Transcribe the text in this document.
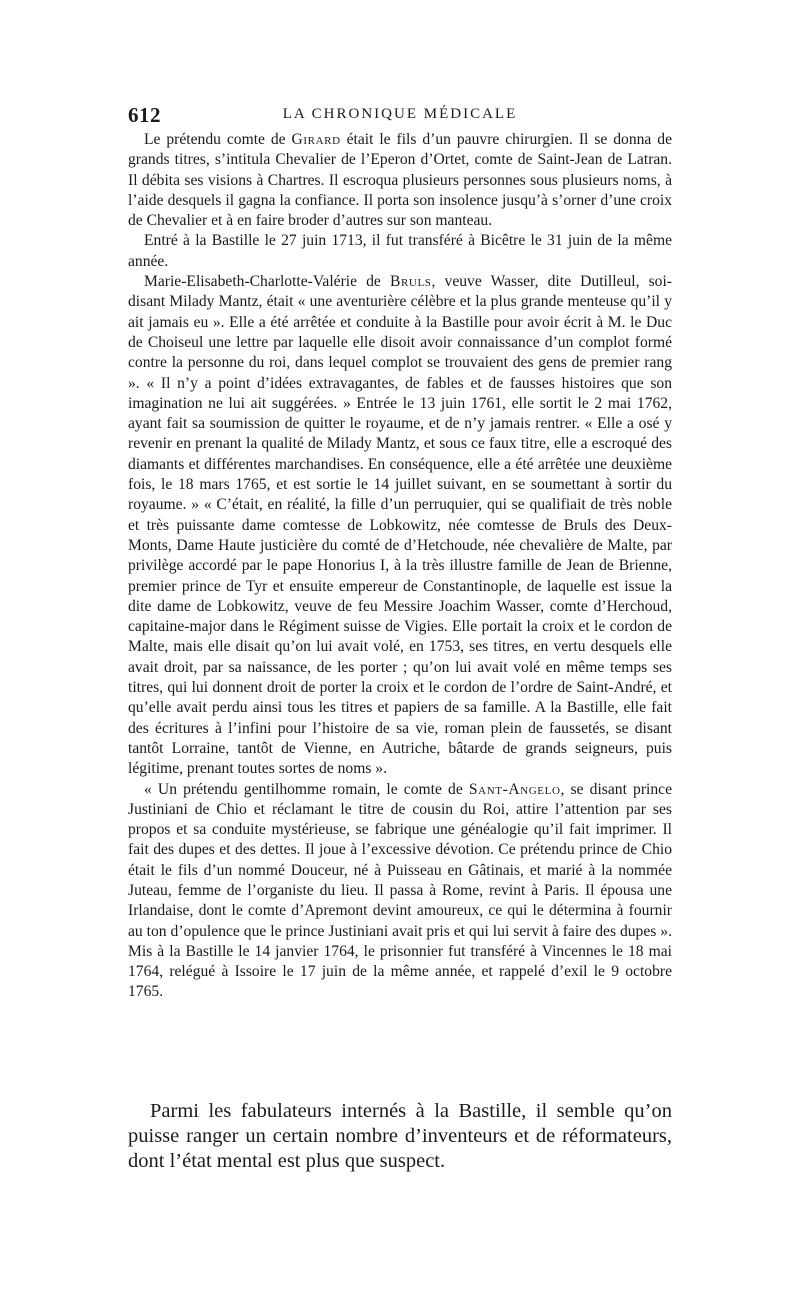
612	LA CHRONIQUE MÉDICALE

Le prétendu comte de Girard était le fils d’un pauvre chirurgien. Il se donna de grands titres, s’intitula Chevalier de l’Eperon d’Ortet, comte de Saint-Jean de Latran. Il débita ses visions à Chartres. Il escroqua plusieurs personnes sous plusieurs noms, à l’aide desquels il gagna la confiance. Il porta son insolence jusqu’à s’orner d’une croix de Chevalier et à en faire broder d’autres sur son manteau.

Entré à la Bastille le 27 juin 1713, il fut transféré à Bicêtre le 31 juin de la même année.

Marie-Elisabeth-Charlotte-Valérie de Bruls, veuve Wasser, dite Dutilleul, soi-disant Milady Mantz, était « une aventurière célèbre et la plus grande menteuse qu’il y ait jamais eu ». Elle a été arrêtée et conduite à la Bastille pour avoir écrit à M. le Duc de Choiseul une lettre par laquelle elle disoit avoir connaissance d’un complot formé contre la personne du roi, dans lequel complot se trouvaient des gens de premier rang ». « Il n’y a point d’idées extravagantes, de fables et de fausses histoires que son imagination ne lui ait suggérées. » Entrée le 13 juin 1761, elle sortit le 2 mai 1762, ayant fait sa soumission de quitter le royaume, et de n’y jamais rentrer. « Elle a osé y revenir en prenant la qualité de Milady Mantz, et sous ce faux titre, elle a escroqué des diamants et différentes marchandises. En conséquence, elle a été arrêtée une deuxième fois, le 18 mars 1765, et est sortie le 14 juillet suivant, en se soumettant à sortir du royaume. » « C’était, en réalité, la fille d’un perruquier, qui se qualifiait de très noble et très puissante dame comtesse de Lobkowitz, née comtesse de Bruls des Deux-Monts, Dame Haute justicière du comté de d’Hetchoude, née chevalière de Malte, par privilège accordé par le pape Honorius I, à la très illustre famille de Jean de Brienne, premier prince de Tyr et ensuite empereur de Constantinople, de laquelle est issue la dite dame de Lobkowitz, veuve de feu Messire Joachim Wasser, comte d’Herchoud, capitaine-major dans le Régiment suisse de Vigies. Elle portait la croix et le cordon de Malte, mais elle disait qu’on lui avait volé, en 1753, ses titres, en vertu desquels elle avait droit, par sa naissance, de les porter ; qu’on lui avait volé en même temps ses titres, qui lui donnent droit de porter la croix et le cordon de l’ordre de Saint-André, et qu’elle avait perdu ainsi tous les titres et papiers de sa famille. A la Bastille, elle fait des écritures à l’infini pour l’histoire de sa vie, roman plein de faussetés, se disant tantôt Lorraine, tantôt de Vienne, en Autriche, bâtarde de grands seigneurs, puis légitime, prenant toutes sortes de noms ».

« Un prétendu gentilhomme romain, le comte de Sant-Angelo, se disant prince Justiniani de Chio et réclamant le titre de cousin du Roi, attire l’attention par ses propos et sa conduite mystérieuse, se fabrique une généalogie qu’il fait imprimer. Il fait des dupes et des dettes. Il joue à l’excessive dévotion. Ce prétendu prince de Chio était le fils d’un nommé Douceur, né à Puisseau en Gâtinais, et marié à la nommée Juteau, femme de l’organiste du lieu. Il passa à Rome, revint à Paris. Il épousa une Irlandaise, dont le comte d’Apremont devint amoureux, ce qui le détermina à fournir au ton d’opulence que le prince Justiniani avait pris et qui lui servit à faire des dupes ». Mis à la Bastille le 14 janvier 1764, le prisonnier fut transféré à Vincennes le 18 mai 1764, relégué à Issoire le 17 juin de la même année, et rappelé d’exil le 9 octobre 1765.

Parmi les fabulateurs internés à la Bastille, il semble qu’on puisse ranger un certain nombre d’inventeurs et de réformateurs, dont l’état mental est plus que suspect.
